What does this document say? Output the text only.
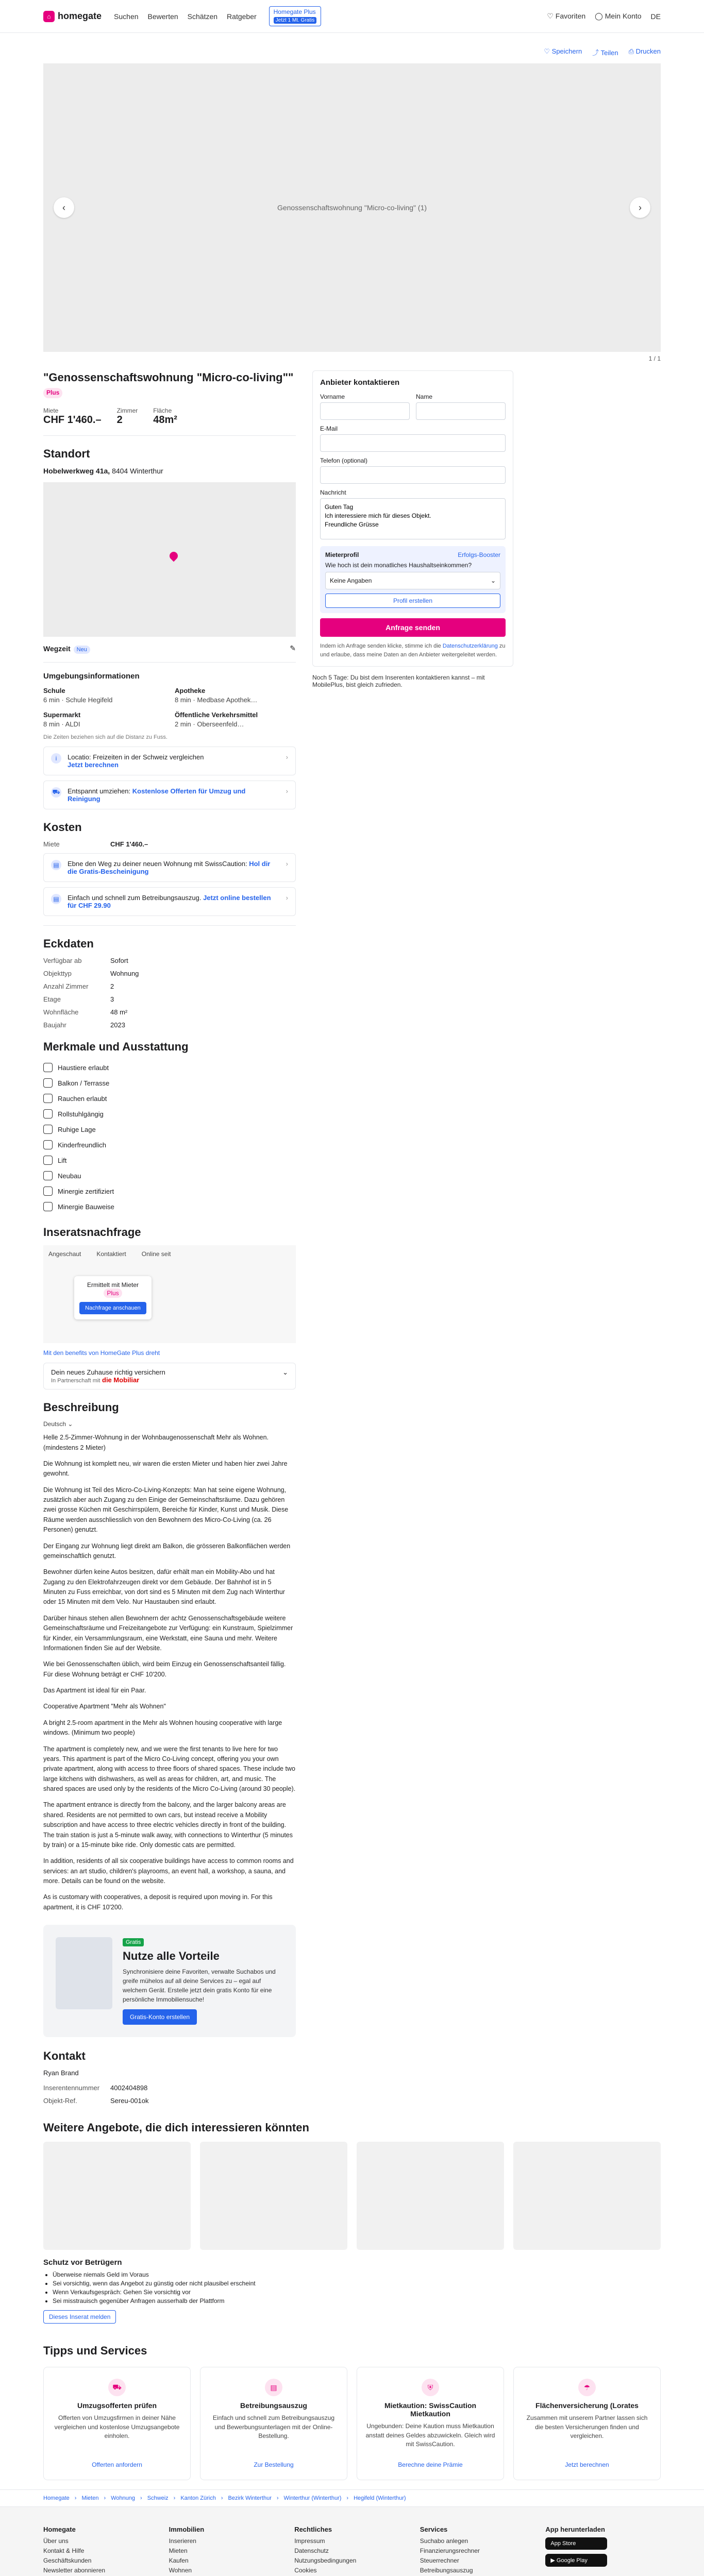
⌂ homegate Suchen Bewerten Schätzen Ratgeber
Homegate Plus
Jetzt 1 Mt. Gratis
♡ Favoriten ◯ Mein Konto DE
♡ Speichern ⤴ Teilen ⎙ Drucken
Genossenschaftswohnung "Micro-co-living" (1)
‹	›
1 / 1
"Genossenschaftswohnung "Micro-co-living"" Plus
Miete
CHF 1'460.–
Zimmer
2
Fläche
48m²
Standort
Hobelwerkweg 41a, 8404 Winterthur
Wegzeit Neu	✎
Umgebungsinformationen
Schule
6 min · Schule Hegifeld
Apotheke
8 min · Medbase Apothek…
Supermarkt
8 min · ALDI
Öffentliche Verkehrsmittel
2 min · Oberseenfeld…
Die Zeiten beziehen sich auf die Distanz zu Fuss.
i	Locatio: Freizeiten in der Schweiz vergleichen
Jetzt berechnen
›
⛟ Entspannt umziehen: Kostenlose Offerten für Umzug und Reinigung
›
Kosten
Miete	CHF 1'460.–
▤	Ebne den Weg zu deiner neuen Wohnung mit SwissCaution: Hol dir die Gratis-Bescheinigung
›
▤	Einfach und schnell zum Betreibungsauszug. Jetzt online bestellen für CHF 29.90
›
Eckdaten
Verfügbar ab	Sofort
Objekttyp	Wohnung
Anzahl Zimmer	2
Etage	3
Wohnfläche	48 m²
Baujahr	2023
Merkmale und Ausstattung
Haustiere erlaubt
Balkon / Terrasse
Rauchen erlaubt
Rollstuhlgängig
Ruhige Lage
Kinderfreundlich
Lift
Neubau
Minergie zertifiziert
Minergie Bauweise
Inseratsnachfrage
Angeschaut	Kontaktiert	Online seit
Ermittelt mit Mieter Plus
Nachfrage anschauen
Mit den benefits von HomeGate Plus dreht
Dein neues Zuhause richtig versichern
In Partnerschaft mit die Mobiliar
⌄
Beschreibung
Deutsch ⌄

Helle 2.5-Zimmer-Wohnung in der Wohnbaugenossenschaft Mehr als Wohnen. (mindestens 2 Mieter)

Die Wohnung ist komplett neu, wir waren die ersten Mieter und haben hier zwei Jahre gewohnt.

Die Wohnung ist Teil des Micro-Co-Living-Konzepts: Man hat seine eigene Wohnung, zusätzlich aber auch Zugang zu den Einige der Gemeinschaftsräume. Dazu gehören zwei grosse Küchen mit Geschirrspülern, Bereiche für Kinder, Kunst und Musik. Diese Räume werden ausschliesslich von den Bewohnern des Micro-Co-Living (ca. 26 Personen) genutzt.

Der Eingang zur Wohnung liegt direkt am Balkon, die grösseren Balkonflächen werden gemeinschaftlich genutzt.

Bewohner dürfen keine Autos besitzen, dafür erhält man ein Mobility-Abo und hat Zugang zu den Elektrofahrzeugen direkt vor dem Gebäude. Der Bahnhof ist in 5 Minuten zu Fuss erreichbar, von dort sind es 5 Minuten mit dem Zug nach Winterthur oder 15 Minuten mit dem Velo. Nur Haustauben sind erlaubt.

Darüber hinaus stehen allen Bewohnern der achtz Genossenschaftsgebäude weitere Gemeinschaftsräume und Freizeitangebote zur Verfügung: ein Kunstraum, Spielzimmer für Kinder, ein Versammlungsraum, eine Werkstatt, eine Sauna und mehr. Weitere Informationen finden Sie auf der Website.

Wie bei Genossenschaften üblich, wird beim Einzug ein Genossenschaftsanteil fällig. Für diese Wohnung beträgt er CHF 10'200.

Das Apartment ist ideal für ein Paar.

Cooperative Apartment "Mehr als Wohnen"

A bright 2.5-room apartment in the Mehr als Wohnen housing cooperative with large windows. (Minimum two people)

The apartment is completely new, and we were the first tenants to live here for two years. This apartment is part of the Micro Co-Living concept, offering you your own private apartment, along with access to three floors of shared spaces. These include two large kitchens with dishwashers, as well as areas for children, art, and music. The shared spaces are used only by the residents of the Micro Co-Living (around 30 people).

The apartment entrance is directly from the balcony, and the larger balcony areas are shared. Residents are not permitted to own cars, but instead receive a Mobility subscription and have access to three electric vehicles directly in front of the building. The train station is just a 5-minute walk away, with connections to Winterthur (5 minutes by train) or a 15-minute bike ride. Only domestic cats are permitted.

In addition, residents of all six cooperative buildings have access to common rooms and services: an art studio, children's playrooms, an event hall, a workshop, a sauna, and more. Details can be found on the website.

As is customary with cooperatives, a deposit is required upon moving in. For this apartment, it is CHF 10'200.

Gratis
Nutze alle Vorteile

Synchronisiere deine Favoriten, verwalte Suchabos und greife mühelos auf all deine Services zu – egal auf welchem Gerät. Erstelle jetzt dein gratis Konto für eine persönliche Immobiliensuche!

Gratis-Konto erstellen
Kontakt
Ryan Brand
Inserentennummer	4002404898
Objekt-Ref.	Sereu-001ok
Anbieter kontaktieren
Vorname	Name
E-Mail
Telefon (optional)
Nachricht
Guten Tag Ich interessiere mich für dieses Objekt. Freundliche Grüsse
Mieterprofil	Erfolgs-Booster
Wie hoch ist dein monatliches Haushaltseinkommen?
Keine Angaben	⌄
Profil erstellen
Anfrage senden

Indem ich Anfrage senden klicke, stimme ich die Datenschutzerklärung zu und erlaube, dass meine Daten an den Anbieter weitergeleitet werden.

Noch 5 Tage: Du bist dem Inserenten kontaktieren kannst – mit MobilePlus, bist gleich zufrieden.

Weitere Angebote, die dich interessieren könnten
Schutz vor Betrügern
• Überweise niemals Geld im Voraus
• Sei vorsichtig, wenn das Angebot zu günstig oder nicht plausibel erscheint
• Wenn Verkaufsgespräch: Gehen Sie vorsichtig vor
• Sei misstrauisch gegenüber Anfragen ausserhalb der Plattform
Dieses Inserat melden
Tipps und Services
⛟
Umzugsofferten prüfen

Offerten von Umzugsfirmen in deiner Nähe vergleichen und kostenlose Umzugsangebote einholen.

Offerten anfordern
▤
Betreibungsauszug

Einfach und schnell zum Betreibungsauszug und Bewerbungsunterlagen mit der Online-Bestellung.

Zur Bestellung
⛨
Mietkaution: SwissCaution Mietkaution

Ungebunden: Deine Kaution muss Mietkaution anstatt deines Geldes abzuwickeln. Gleich wird mit SwissCaution.

Berechne deine Prämie
☂
Flächenversicherung (Lorates

Zusammen mit unserem Partner lassen sich die besten Versicherungen finden und vergleichen.

Jetzt berechnen
Homegate › Mieten › Wohnung › Schweiz › Kanton Zürich › Bezirk Winterthur › Winterthur (Winterthur) › Hegifeld (Winterthur)
Homegate
Über uns
Kontakt & Hilfe
Geschäftskunden
Newsletter abonnieren
Immobilien
Inserieren
Mieten
Kaufen
Wohnen
Rechtliches
Impressum
Datenschutz
Nutzungsbedingungen
Cookies
Services
Suchabo anlegen
Finanzierungsrechner
Steuerrechner
Betreibungsauszug
App herunterladen
App Store
▶ Google Play
